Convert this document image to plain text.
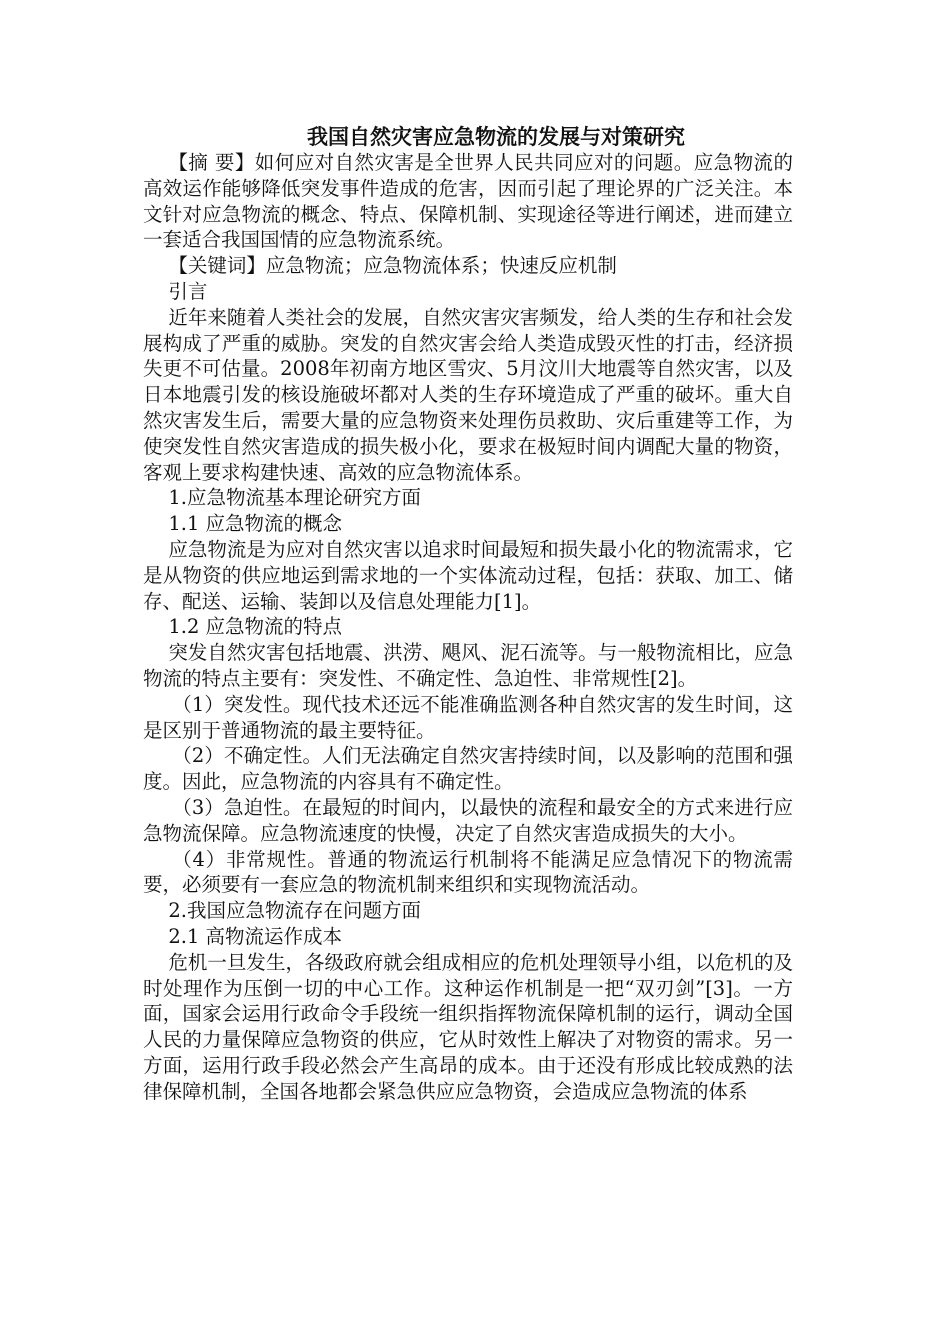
我国自然灾害应急物流的发展与对策研究

【摘 要】如何应对自然灾害是全世界人民共同应对的问题。应急物流的高效运作能够降低突发事件造成的危害，因而引起了理论界的广泛关注。本文针对应急物流的概念、特点、保障机制、实现途径等进行阐述，进而建立一套适合我国国情的应急物流系统。

【关键词】应急物流；应急物流体系；快速反应机制

引言

近年来随着人类社会的发展，自然灾害灾害频发，给人类的生存和社会发展构成了严重的威胁。突发的自然灾害会给人类造成毁灭性的打击，经济损失更不可估量。2008年初南方地区雪灾、5月汶川大地震等自然灾害，以及日本地震引发的核设施破坏都对人类的生存环境造成了严重的破坏。重大自然灾害发生后，需要大量的应急物资来处理伤员救助、灾后重建等工作，为使突发性自然灾害造成的损失极小化，要求在极短时间内调配大量的物资，客观上要求构建快速、高效的应急物流体系。

1.应急物流基本理论研究方面

1.1 应急物流的概念

应急物流是为应对自然灾害以追求时间最短和损失最小化的物流需求，它是从物资的供应地运到需求地的一个实体流动过程，包括：获取、加工、储存、配送、运输、装卸以及信息处理能力[1]。

1.2 应急物流的特点

突发自然灾害包括地震、洪涝、飓风、泥石流等。与一般物流相比，应急物流的特点主要有：突发性、不确定性、急迫性、非常规性[2]。

（1）突发性。现代技术还远不能准确监测各种自然灾害的发生时间，这是区别于普通物流的最主要特征。

（2）不确定性。人们无法确定自然灾害持续时间，以及影响的范围和强度。因此，应急物流的内容具有不确定性。

（3）急迫性。在最短的时间内，以最快的流程和最安全的方式来进行应急物流保障。应急物流速度的快慢，决定了自然灾害造成损失的大小。

（4）非常规性。普通的物流运行机制将不能满足应急情况下的物流需要，必须要有一套应急的物流机制来组织和实现物流活动。

2.我国应急物流存在问题方面

2.1 高物流运作成本

危机一旦发生，各级政府就会组成相应的危机处理领导小组，以危机的及时处理作为压倒一切的中心工作。这种运作机制是一把“双刃剑”[3]。一方面，国家会运用行政命令手段统一组织指挥物流保障机制的运行，调动全国人民的力量保障应急物资的供应，它从时效性上解决了对物资的需求。另一方面，运用行政手段必然会产生高昂的成本。由于还没有形成比较成熟的法律保障机制，全国各地都会紧急供应应急物资，会造成应急物流的体系
